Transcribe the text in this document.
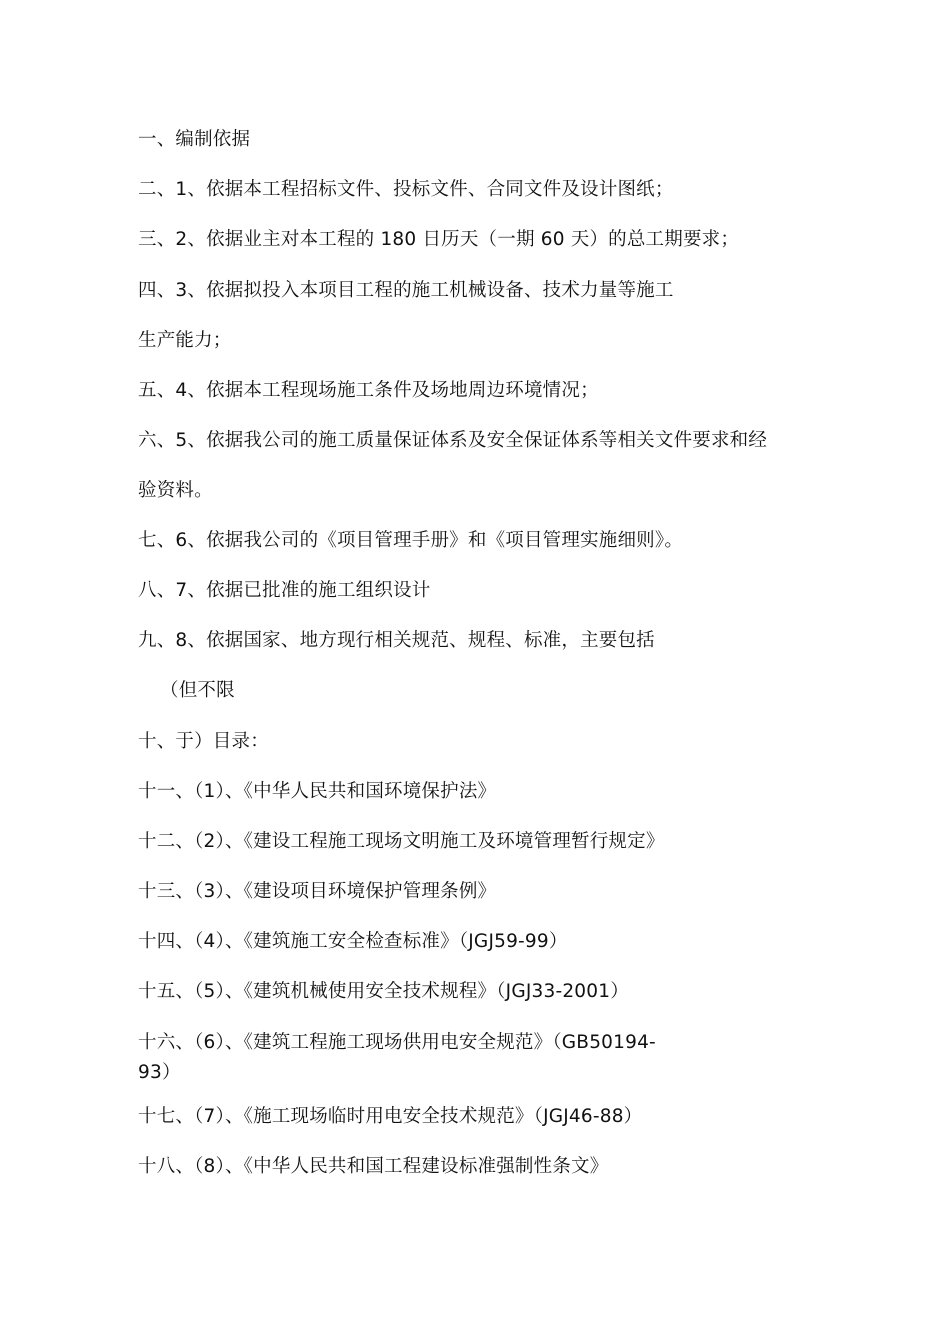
一、编制依据
二、1、依据本工程招标文件、投标文件、合同文件及设计图纸；
三、2、依据业主对本工程的 180 日历天（一期 60 天）的总工期要求；
四、3、依据拟投入本项目工程的施工机械设备、技术力量等施工
生产能力；
五、4、依据本工程现场施工条件及场地周边环境情况；
六、5、依据我公司的施工质量保证体系及安全保证体系等相关文件要求和经
验资料。
七、6、依据我公司的《项目管理手册》和《项目管理实施细则》。
八、7、依据已批准的施工组织设计
九、8、依据国家、地方现行相关规范、规程、标准，主要包括
（但不限
十、于）目录：
十一、（1）、《中华人民共和国环境保护法》
十二、（2）、《建设工程施工现场文明施工及环境管理暂行规定》
十三、（3）、《建设项目环境保护管理条例》
十四、（4）、《建筑施工安全检查标准》（JGJ59-99）
十五、（5）、《建筑机械使用安全技术规程》（JGJ33-2001）
十六、（6）、《建筑工程施工现场供用电安全规范》（GB50194-
93）
十七、（7）、《施工现场临时用电安全技术规范》（JGJ46-88）
十八、（8）、《中华人民共和国工程建设标准强制性条文》
